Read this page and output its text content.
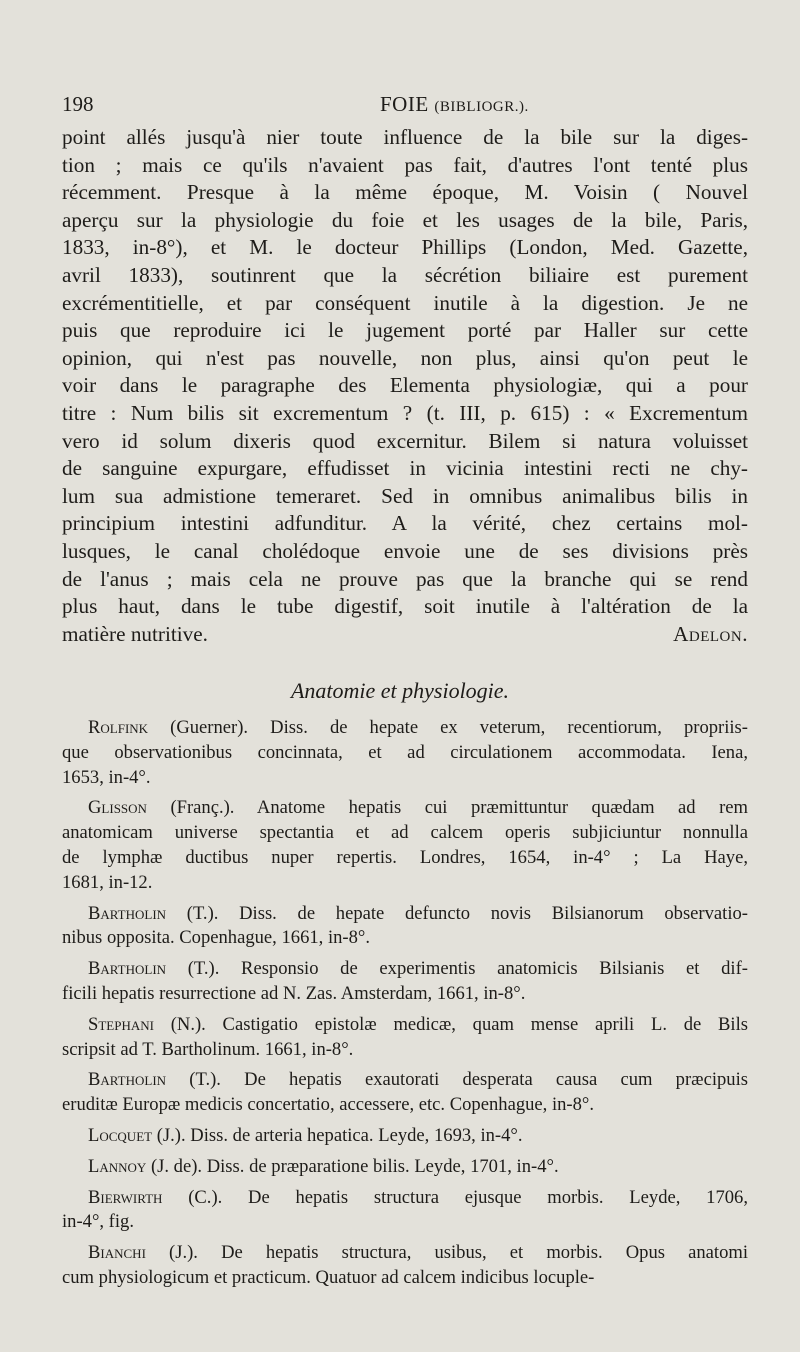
198	FOIE (BIBLIOGR.).
point allés jusqu'à nier toute influence de la bile sur la diges-
tion ; mais ce qu'ils n'avaient pas fait, d'autres l'ont tenté plus
récemment. Presque à la même époque, M. Voisin ( Nouvel
aperçu sur la physiologie du foie et les usages de la bile, Paris,
1833, in-8°), et M. le docteur Phillips (London, Med. Gazette,
avril 1833), soutinrent que la sécrétion biliaire est purement
excrémentitielle, et par conséquent inutile à la digestion. Je ne
puis que reproduire ici le jugement porté par Haller sur cette
opinion, qui n'est pas nouvelle, non plus, ainsi qu'on peut le
voir dans le paragraphe des Elementa physiologiæ, qui a pour
titre : Num bilis sit excrementum ? (t. III, p. 615) : « Excrementum
vero id solum dixeris quod excernitur. Bilem si natura voluisset
de sanguine expurgare, effudisset in vicinia intestini recti ne chy-
lum sua admistione temeraret. Sed in omnibus animalibus bilis in
principium intestini adfunditur. A la vérité, chez certains mol-
lusques, le canal cholédoque envoie une de ses divisions près
de l'anus ; mais cela ne prouve pas que la branche qui se rend
plus haut, dans le tube digestif, soit inutile à l'altération de la
matière nutritive.	Adelon.
Anatomie et physiologie.
Rolfink (Guerner). Diss. de hepate ex veterum, recentiorum, propriis-
que observationibus concinnata, et ad circulationem accommodata. Iena,
1653, in-4°.
Glisson (Franç.). Anatome hepatis cui præmittuntur quædam ad rem
anatomicam universe spectantia et ad calcem operis subjiciuntur nonnulla
de lymphæ ductibus nuper repertis. Londres, 1654, in-4° ; La Haye,
1681, in-12.
Bartholin (T.). Diss. de hepate defuncto novis Bilsianorum observatio-
nibus opposita. Copenhague, 1661, in-8°.
Bartholin (T.). Responsio de experimentis anatomicis Bilsianis et dif-
ficili hepatis resurrectione ad N. Zas. Amsterdam, 1661, in-8°.
Stephani (N.). Castigatio epistolæ medicæ, quam mense aprili L. de Bils
scripsit ad T. Bartholinum. 1661, in-8°.
Bartholin (T.). De hepatis exautorati desperata causa cum præcipuis
eruditæ Europæ medicis concertatio, accessere, etc. Copenhague, in-8°.
Locquet (J.). Diss. de arteria hepatica. Leyde, 1693, in-4°.
Lannoy (J. de). Diss. de præparatione bilis. Leyde, 1701, in-4°.
Bierwirth (C.). De hepatis structura ejusque morbis. Leyde, 1706,
in-4°, fig.
Bianchi (J.). De hepatis structura, usibus, et morbis. Opus anatomi
cum physiologicum et practicum. Quatuor ad calcem indicibus locuple-
